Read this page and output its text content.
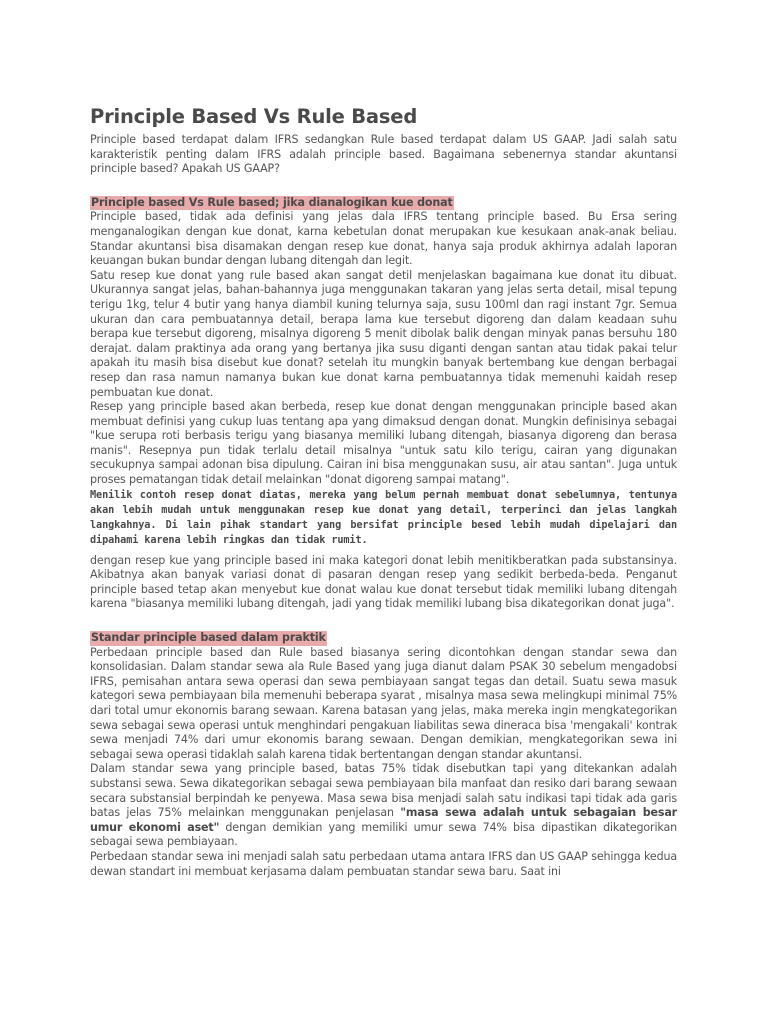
Principle Based Vs Rule Based

Principle based terdapat dalam IFRS sedangkan Rule based terdapat dalam US GAAP. Jadi salah satu karakteristik penting dalam IFRS adalah principle based. Bagaimana sebenernya standar akuntansi principle based? Apakah US GAAP?

Principle based Vs Rule based; jika dianalogikan kue donat

Principle based, tidak ada definisi yang jelas dala IFRS tentang principle based. Bu Ersa sering menganalogikan dengan kue donat, karna kebetulan donat merupakan kue kesukaan anak-anak beliau. Standar akuntansi bisa disamakan dengan resep kue donat, hanya saja produk akhirnya adalah laporan keuangan bukan bundar dengan lubang ditengah dan legit.

Satu resep kue donat yang rule based akan sangat detil menjelaskan bagaimana kue donat itu dibuat. Ukurannya sangat jelas, bahan-bahannya juga menggunakan takaran yang jelas serta detail, misal tepung terigu 1kg, telur 4 butir yang hanya diambil kuning telurnya saja, susu 100ml dan ragi instant 7gr. Semua ukuran dan cara pembuatannya detail, berapa lama kue tersebut digoreng dan dalam keadaan suhu berapa kue tersebut digoreng, misalnya digoreng 5 menit dibolak balik dengan minyak panas bersuhu 180 derajat. dalam praktinya ada orang yang bertanya jika susu diganti dengan santan atau tidak pakai telur apakah itu masih bisa disebut kue donat? setelah itu mungkin banyak bertembang kue dengan berbagai resep dan rasa namun namanya bukan kue donat karna pembuatannya tidak memenuhi kaidah resep pembuatan kue donat.

Resep yang principle based akan berbeda, resep kue donat dengan menggunakan principle based akan membuat definisi yang cukup luas tentang apa yang dimaksud dengan donat. Mungkin definisinya sebagai "kue serupa roti berbasis terigu yang biasanya memiliki lubang ditengah, biasanya digoreng dan berasa manis". Resepnya pun tidak terlalu detail misalnya "untuk satu kilo terigu, cairan yang digunakan secukupnya sampai adonan bisa dipulung. Cairan ini bisa menggunakan susu, air atau santan". Juga untuk proses pematangan tidak detail melainkan "donat digoreng sampai matang".

Menilik contoh resep donat diatas, mereka yang belum pernah membuat donat sebelumnya, tentunya akan lebih mudah untuk menggunakan resep kue donat yang detail, terperinci dan jelas langkah langkahnya. Di lain pihak standart yang bersifat principle besed lebih mudah dipelajari dan dipahami karena lebih ringkas dan tidak rumit.

dengan resep kue yang principle based ini maka kategori donat lebih menitikberatkan pada substansinya. Akibatnya akan banyak variasi donat di pasaran dengan resep yang sedikit berbeda-beda. Penganut principle based tetap akan menyebut kue donat walau kue donat tersebut tidak memiliki lubang ditengah karena "biasanya memiliki lubang ditengah, jadi yang tidak memiliki lubang bisa dikategorikan donat juga".

Standar principle based dalam praktik

Perbedaan principle based dan Rule based biasanya sering dicontohkan dengan standar sewa dan konsolidasian. Dalam standar sewa ala Rule Based yang juga dianut dalam PSAK 30 sebelum mengadobsi IFRS, pemisahan antara sewa operasi dan sewa pembiayaan sangat tegas dan detail. Suatu sewa masuk kategori sewa pembiayaan bila memenuhi beberapa syarat , misalnya masa sewa melingkupi minimal 75% dari total umur ekonomis barang sewaan. Karena batasan yang jelas, maka mereka ingin mengkategorikan sewa sebagai sewa operasi untuk menghindari pengakuan liabilitas sewa dineraca bisa 'mengakali' kontrak sewa menjadi 74% dari umur ekonomis barang sewaan. Dengan demikian, mengkategorikan sewa ini sebagai sewa operasi tidaklah salah karena tidak bertentangan dengan standar akuntansi.

Dalam standar sewa yang principle based, batas 75% tidak disebutkan tapi yang ditekankan adalah substansi sewa. Sewa dikategorikan sebagai sewa pembiayaan bila manfaat dan resiko dari barang sewaan secara substansial berpindah ke penyewa. Masa sewa bisa menjadi salah satu indikasi tapi tidak ada garis batas jelas 75% melainkan menggunakan penjelasan "masa sewa adalah untuk sebagaian besar umur ekonomi aset" dengan demikian yang memiliki umur sewa 74% bisa dipastikan dikategorikan sebagai sewa pembiayaan.

Perbedaan standar sewa ini menjadi salah satu perbedaan utama antara IFRS dan US GAAP sehingga kedua dewan standart ini membuat kerjasama dalam pembuatan standar sewa baru. Saat ini
